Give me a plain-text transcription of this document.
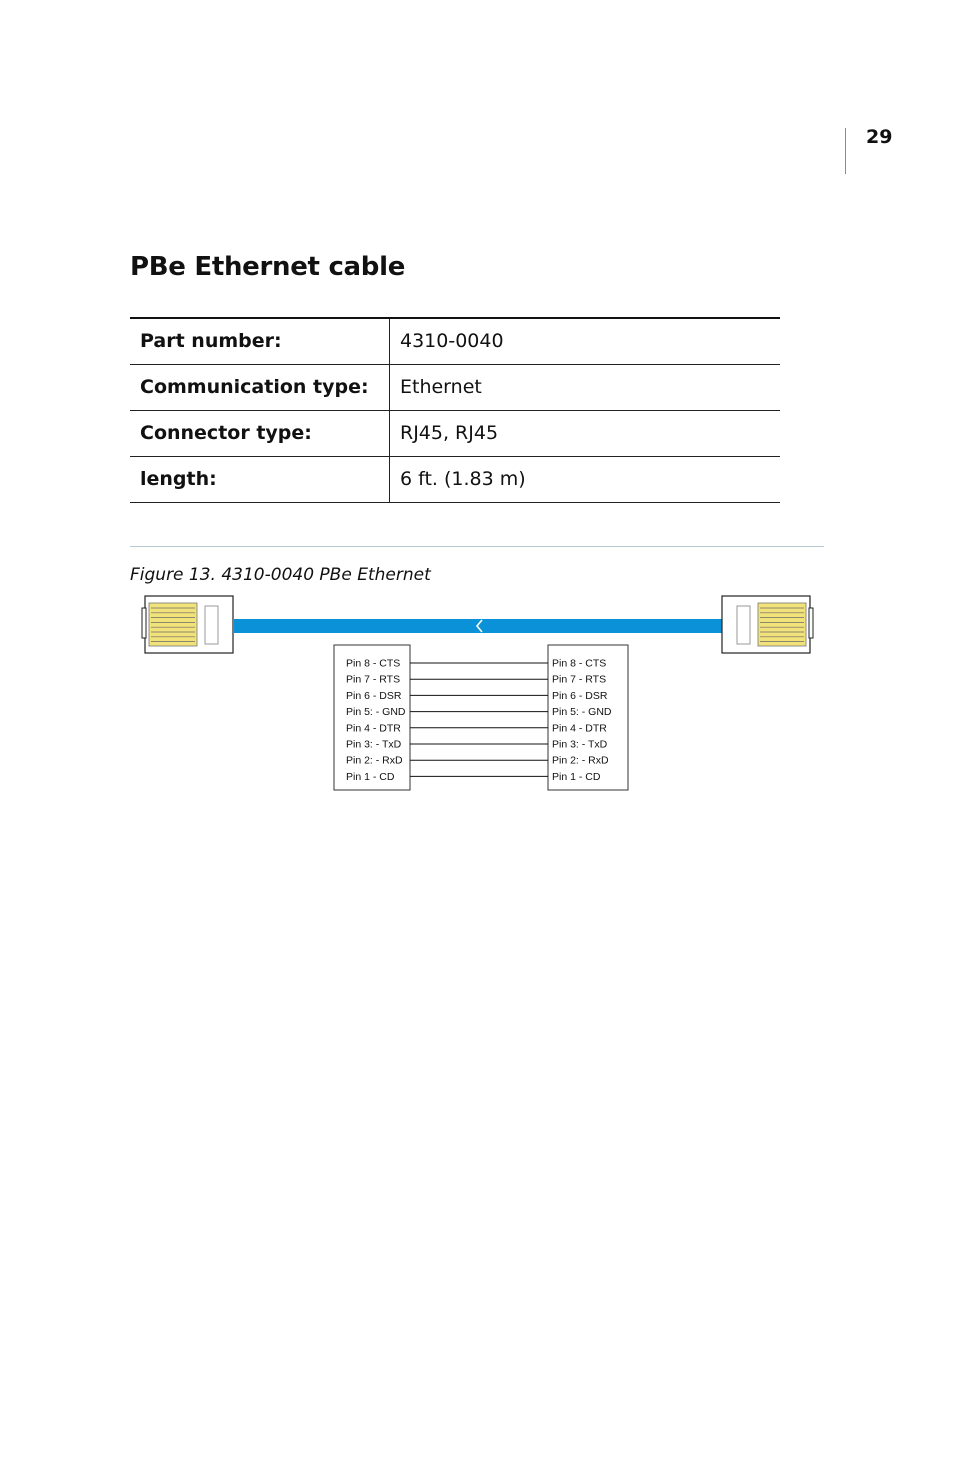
29
PBe Ethernet cable
Part number:	4310-0040
Communication type:	Ethernet
Connector type:	RJ45, RJ45
length:	6 ft. (1.83 m)
Figure 13. 4310-0040 PBe Ethernet
Pin 8 - CTS
Pin 7 - RTS
Pin 6 - DSR
Pin 5: - GND
Pin 4 - DTR
Pin 3: - TxD
Pin 2: - RxD
Pin 1 - CD
Pin 8 - CTS
Pin 7 - RTS
Pin 6 - DSR
Pin 5: - GND
Pin 4 - DTR
Pin 3: - TxD
Pin 2: - RxD
Pin 1 - CD
